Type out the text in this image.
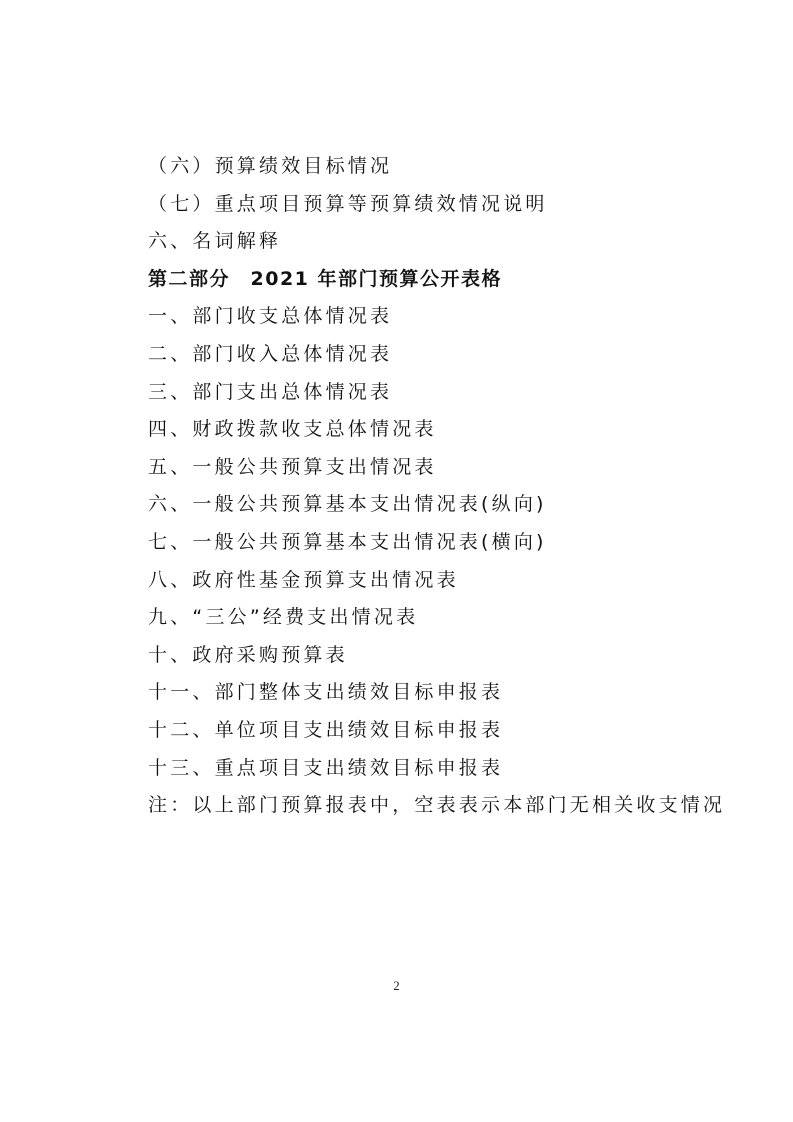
（六）预算绩效目标情况
（七）重点项目预算等预算绩效情况说明
六、名词解释
第二部分　2021 年部门预算公开表格
一、部门收支总体情况表
二、部门收入总体情况表
三、部门支出总体情况表
四、财政拨款收支总体情况表
五、一般公共预算支出情况表
六、一般公共预算基本支出情况表(纵向)
七、一般公共预算基本支出情况表(横向)
八、政府性基金预算支出情况表
九、“三公”经费支出情况表
十、政府采购预算表
十一、部门整体支出绩效目标申报表
十二、单位项目支出绩效目标申报表
十三、重点项目支出绩效目标申报表
注：以上部门预算报表中，空表表示本部门无相关收支情况
2
